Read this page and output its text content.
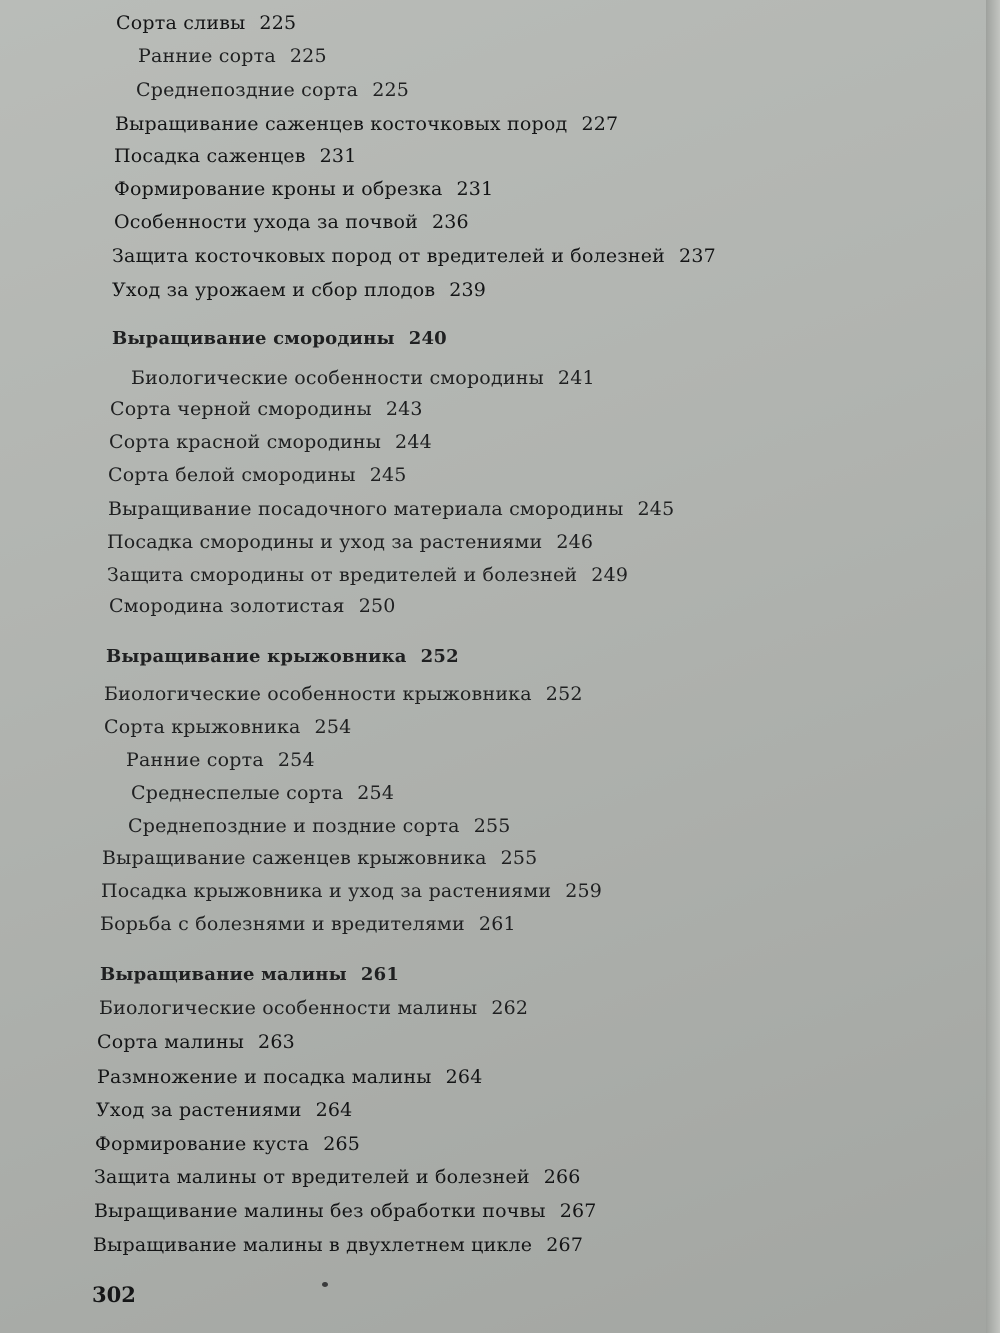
Сорта сливы 225
Ранние сорта 225
Среднепоздние сорта 225
Выращивание саженцев косточковых пород 227
Посадка саженцев 231
Формирование кроны и обрезка 231
Особенности ухода за почвой 236
Защита косточковых пород от вредителей и болезней 237
Уход за урожаем и сбор плодов 239
Выращивание смородины 240
Биологические особенности смородины 241
Сорта черной смородины 243
Сорта красной смородины 244
Сорта белой смородины 245
Выращивание посадочного материала смородины 245
Посадка смородины и уход за растениями 246
Защита смородины от вредителей и болезней 249
Смородина золотистая 250
Выращивание крыжовника 252
Биологические особенности крыжовника 252
Сорта крыжовника 254
Ранние сорта 254
Среднеспелые сорта 254
Среднепоздние и поздние сорта 255
Выращивание саженцев крыжовника 255
Посадка крыжовника и уход за растениями 259
Борьба с болезнями и вредителями 261
Выращивание малины 261
Биологические особенности малины 262
Сорта малины 263
Размножение и посадка малины 264
Уход за растениями 264
Формирование куста 265
Защита малины от вредителей и болезней 266
Выращивание малины без обработки почвы 267
Выращивание малины в двухлетнем цикле 267
302
